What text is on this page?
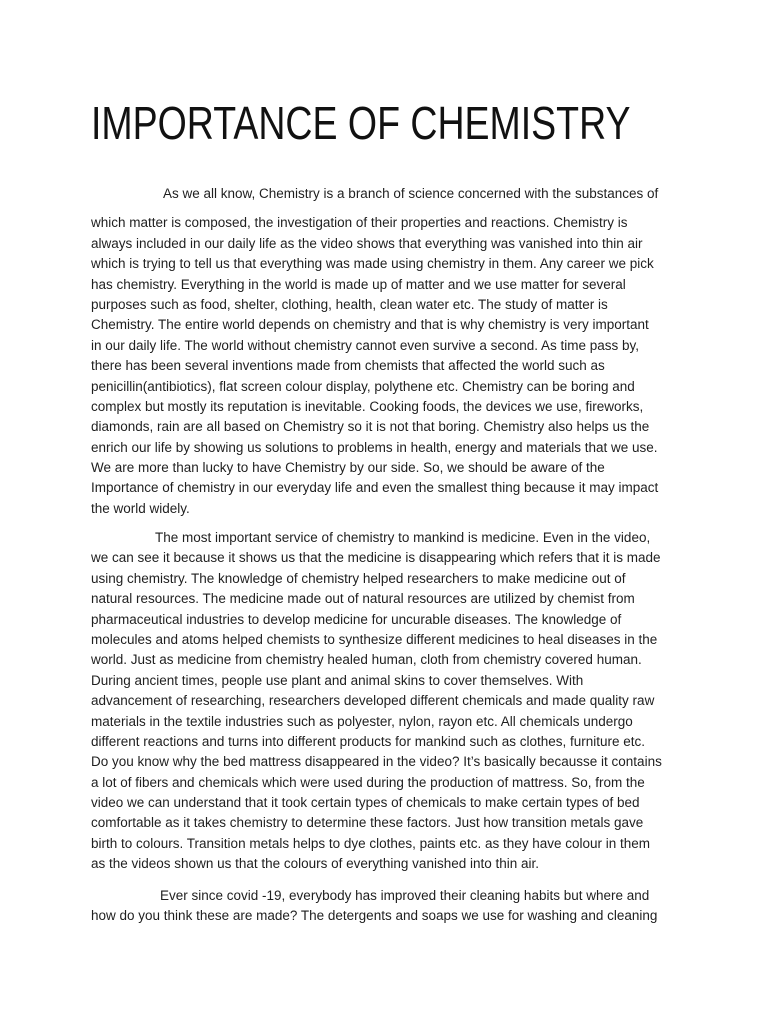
IMPORTANCE OF CHEMISTRY
As we all know, Chemistry is a branch of science concerned with the substances of
which matter is composed, the investigation of their properties and reactions. Chemistry is
always included in our daily life as the video shows that everything was vanished into thin air
which is trying to tell us that everything was made using chemistry in them. Any career we pick
has chemistry. Everything in the world is made up of matter and we use matter for several
purposes such as food, shelter, clothing, health, clean water etc. The study of matter is
Chemistry. The entire world depends on chemistry and that is why chemistry is very important
in our daily life. The world without chemistry cannot even survive a second. As time pass by,
there has been several inventions made from chemists that affected the world such as
penicillin(antibiotics), flat screen colour display, polythene etc. Chemistry can be boring and
complex but mostly its reputation is inevitable. Cooking foods, the devices we use, fireworks,
diamonds, rain are all based on Chemistry so it is not that boring. Chemistry also helps us the
enrich our life by showing us solutions to problems in health, energy and materials that we use.
We are more than lucky to have Chemistry by our side. So, we should be aware of the
Importance of chemistry in our everyday life and even the smallest thing because it may impact
the world widely.
The most important service of chemistry to mankind is medicine. Even in the video,
we can see it because it shows us that the medicine is disappearing which refers that it is made
using chemistry. The knowledge of chemistry helped researchers to make medicine out of
natural resources. The medicine made out of natural resources are utilized by chemist from
pharmaceutical industries to develop medicine for uncurable diseases. The knowledge of
molecules and atoms helped chemists to synthesize different medicines to heal diseases in the
world. Just as medicine from chemistry healed human, cloth from chemistry covered human.
During ancient times, people use plant and animal skins to cover themselves. With
advancement of researching, researchers developed different chemicals and made quality raw
materials in the textile industries such as polyester, nylon, rayon etc. All chemicals undergo
different reactions and turns into different products for mankind such as clothes, furniture etc.
Do you know why the bed mattress disappeared in the video? It’s basically becausse it contains
a lot of fibers and chemicals which were used during the production of mattress. So, from the
video we can understand that it took certain types of chemicals to make certain types of bed
comfortable as it takes chemistry to determine these factors. Just how transition metals gave
birth to colours. Transition metals helps to dye clothes, paints etc. as they have colour in them
as the videos shown us that the colours of everything vanished into thin air.
Ever since covid -19, everybody has improved their cleaning habits but where and
how do you think these are made? The detergents and soaps we use for washing and cleaning
